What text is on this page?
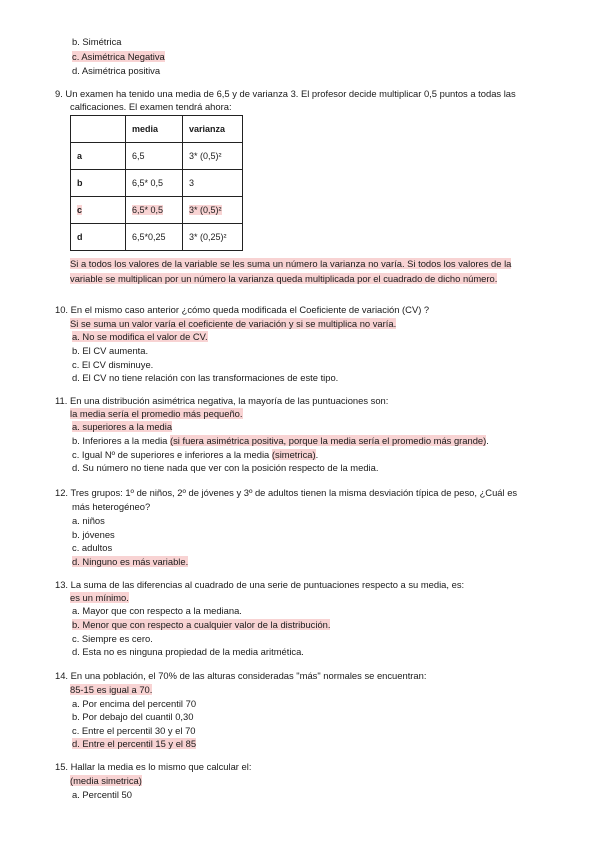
b. Simétrica
c. Asimétrica Negativa
d. Asimétrica positiva
9. Un examen ha tenido una media de 6,5 y de varianza 3. El profesor decide multiplicar 0,5 puntos a todas las
calficaciones. El examen tendrá ahora:
	media	varianza
a	6,5	3* (0,5)²
b	6,5* 0,5	3
c	6,5* 0,5	3* (0,5)²
d	6,5*0,25	3* (0,25)²
Si a todos los valores de la variable se les suma un número la varianza no varía. Si todos los valores de la
variable se multiplican por un número la varianza queda multiplicada por el cuadrado de dicho número.
10. En el mismo caso anterior ¿cómo queda modificada el Coeficiente de variación (CV) ?
Si se suma un valor varía el coeficiente de variación y si se multiplica no varía.
a. No se modifica el valor de CV.
b. El CV aumenta.
c. El CV disminuye.
d. El CV no tiene relación con las transformaciones de este tipo.
11. En una distribución asimétrica negativa, la mayoría de las puntuaciones son:
la media sería el promedio más pequeño.
a. superiores a la media
b. Inferiores a la media (si fuera asimétrica positiva, porque la media sería el promedio más grande).
c. Igual Nº de superiores e inferiores a la media (simetrica).
d. Su número no tiene nada que ver con la posición respecto de la media.
12. Tres grupos: 1º de niños, 2º de jóvenes y 3º de adultos tienen la misma desviación típica de peso, ¿Cuál es
más heterogéneo?
a. niños
b. jóvenes
c. adultos
d. Ninguno es más variable.
13. La suma de las diferencias al cuadrado de una serie de puntuaciones respecto a su media, es:
es un mínimo.
a. Mayor que con respecto a la mediana.
b. Menor que con respecto a cualquier valor de la distribución.
c. Siempre es cero.
d. Esta no es ninguna propiedad de la media aritmética.
14. En una población, el 70% de las alturas consideradas "más" normales se encuentran:
85-15 es igual a 70.
a. Por encima del percentil 70
b. Por debajo del cuantil 0,30
c. Entre el percentil 30 y el 70
d. Entre el percentil 15 y el 85
15. Hallar la media es lo mismo que calcular el:
(media simetrica)
a. Percentil 50
